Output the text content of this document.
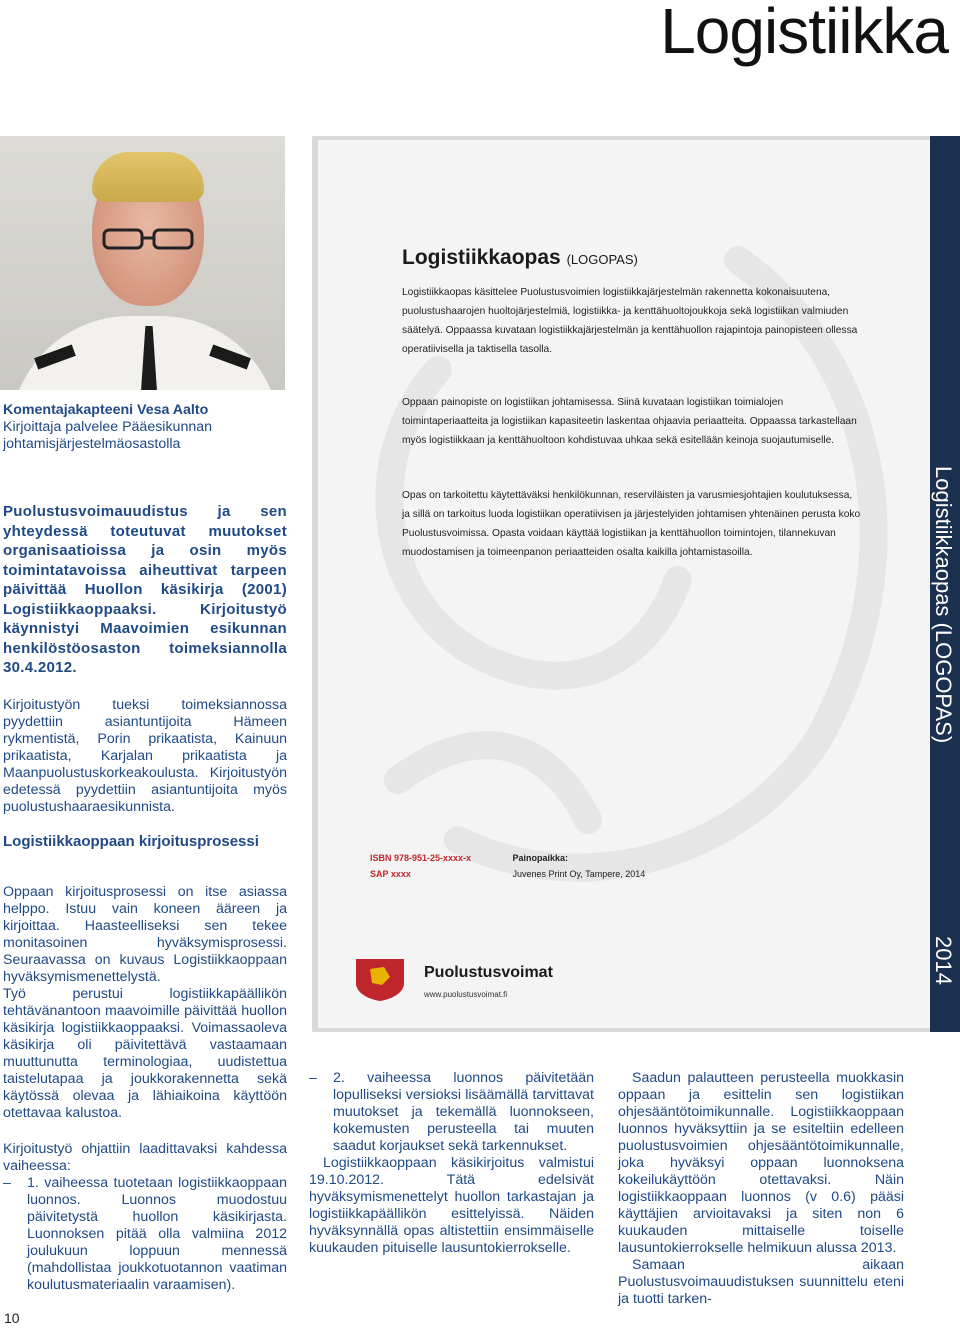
Logistiikka
Komentajakapteeni Vesa Aalto
Kirjoittaja palvelee Pääesikunnan
johtamisjärjestelmäosastolla
Puolustusvoimauudistus ja sen yhteydessä toteutuvat muutokset organisaatioissa ja osin myös toimintatavoissa aiheuttivat tarpeen päivittää Huollon käsikirja (2001) Logistiikkaoppaaksi. Kirjoitustyö käynnistyi Maavoimien esikunnan henkilöstöosaston toimeksiannolla 30.4.2012.
Kirjoitustyön tueksi toimeksiannossa pyydettiin asiantuntijoita Hämeen rykmentistä, Porin prikaatista, Kainuun prikaatista, Karjalan prikaatista ja Maanpuolustuskorkeakoulusta. Kirjoitustyön edetessä pyydettiin asiantuntijoita myös puolustushaaraesikunnista.
Logistiikkaoppaan kirjoitusprosessi
Oppaan kirjoitusprosessi on itse asiassa helppo. Istuu vain koneen ääreen ja kirjoittaa. Haasteelliseksi sen tekee monitasoinen hyväksymisprosessi. Seuraavassa on kuvaus Logistiikkaoppaan hyväksymismenettelystä.
Työ perustui logistiikkapäällikön tehtävänantoon maavoimille päivittää huollon käsikirja logistiikkaoppaaksi. Voimassaoleva käsikirja oli päivitettävä vastaamaan muuttunutta terminologiaa, uudistettua taistelutapaa ja joukkorakennetta sekä käytössä olevaa ja lähiaikoina käyttöön otettavaa kalustoa.
Kirjoitustyö ohjattiin laadittavaksi kahdessa vaiheessa:
– 1. vaiheessa tuotetaan logistiikkaoppaan luonnos. Luonnos muodostuu päivitetystä huollon käsikirjasta. Luonnoksen pitää olla valmiina 2012 joulukuun loppuun mennessä (mahdollistaa joukkotuotannon vaatiman koulutusmateriaalin varaamisen).
10
Logistiikkaopas (LOGOPAS)
Logistiikkaopas käsittelee Puolustusvoimien logistiikkajärjestelmän rakennetta kokonaisuutena, puolustushaarojen huoltojärjestelmiä, logistiikka- ja kenttähuoltojoukkoja sekä logistiikan valmiuden säätelyä. Oppaassa kuvataan logistiikkajärjestelmän ja kenttähuollon rajapintoja painopisteen ollessa operatiivisella ja taktisella tasolla.
Oppaan painopiste on logistiikan johtamisessa. Siinä kuvataan logistiikan toimialojen toimintaperiaatteita ja logistiikan kapasiteetin laskentaa ohjaavia periaatteita. Oppaassa tarkastellaan myös logistiikkaan ja kenttähuoltoon kohdistuvaa uhkaa sekä esitellään keinoja suojautumiselle.
Opas on tarkoitettu käytettäväksi henkilökunnan, reserviläisten ja varusmiesjohtajien koulutuksessa, ja sillä on tarkoitus luoda logistiikan operatiivisen ja järjestelyiden johtamisen yhtenäinen perusta koko Puolustusvoimissa. Opasta voidaan käyttää logistiikan ja kenttähuollon toimintojen, tilannekuvan muodostamisen ja toimeenpanon periaatteiden osalta kaikilla johtamistasoilla.
ISBN 978-951-25-xxxx-x
SAP xxxx

Painopaikka:
Juvenes Print Oy, Tampere, 2014
Puolustusvoimat
www.puolustusvoimat.fi
Logistiikkaopas (LOGOPAS)
2014
– 2. vaiheessa luonnos päivitetään lopulliseksi versioksi lisäämällä tarvittavat muutokset ja tekemällä luonnokseen, kokemusten perusteella tai muuten saadut korjaukset sekä tarkennukset.
Logistiikkaoppaan käsikirjoitus valmistui 19.10.2012. Tätä edelsivät hyväksymismenettelyt huollon tarkastajan ja logistiikkapäällikön esittelyissä. Näiden hyväksynnällä opas altistettiin ensimmäiselle kuukauden pituiselle lausuntokierrokselle.
Saadun palautteen perusteella muokkasin oppaan ja esittelin sen logistiikan ohjesääntötoimikunnalle. Logistiikkaoppaan luonnos hyväksyttiin ja se esiteltiin edelleen puolustusvoimien ohjesääntötoimikunnalle, joka hyväksyi oppaan luonnoksena kokeilukäyttöön otettavaksi. Näin logistiikkaoppaan luonnos (v 0.6) pääsi käyttäjien arvioitavaksi ja siten non 6 kuukauden mittaiselle toiselle lausuntokierrokselle helmikuun alussa 2013.
Samaan aikaan Puolustusvoimauudistuksen suunnittelu eteni ja tuotti tarken-
